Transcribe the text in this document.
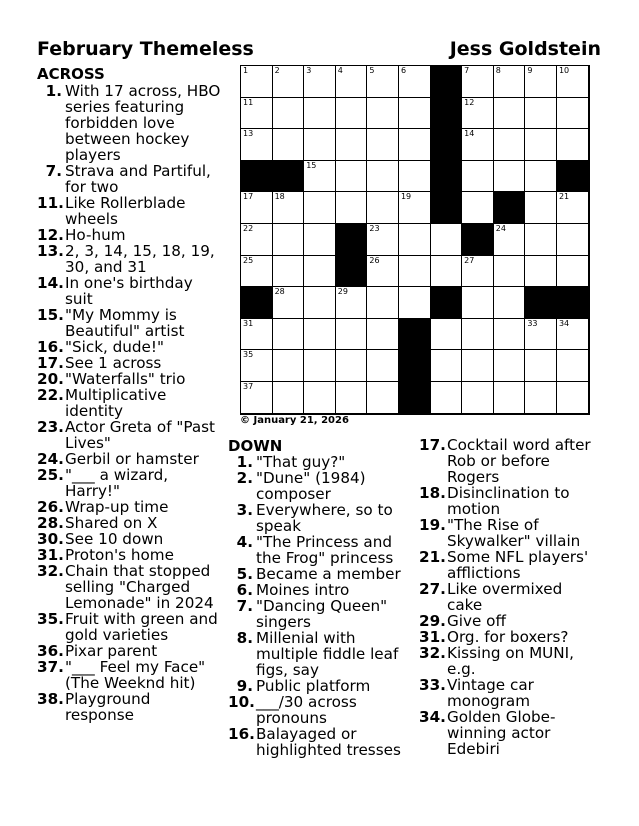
February Themeless	Jess Goldstein
ACROSS
1. With 17 across, HBO series featuring forbidden love between hockey players
7. Strava and Partiful, for two
11. Like Rollerblade wheels
12. Ho-hum
13. 2, 3, 14, 15, 18, 19, 30, and 31
14. In one's birthday suit
15. "My Mommy is Beautiful" artist
16. "Sick, dude!"
17. See 1 across
20. "Waterfalls" trio
22. Multiplicative identity
23. Actor Greta of "Past Lives"
24. Gerbil or hamster
25. "___ a wizard, Harry!"
26. Wrap-up time
28. Shared on X
30. See 10 down
31. Proton's home
32. Chain that stopped selling "Charged Lemonade" in 2024
35. Fruit with green and gold varieties
36. Pixar parent
37. "___ Feel my Face" (The Weeknd hit)
38. Playground response
1	2	3	4	5	6	7	8	9	10
11	12
13	14
15
17	18	19	21
22	23	24
25	26	27
28	29
31	33	34
35
37
© January 21, 2026
DOWN
1. "That guy?"
2. "Dune" (1984) composer
3. Everywhere, so to speak
4. "The Princess and the Frog" princess
5. Became a member
6. Moines intro
7. "Dancing Queen" singers
8. Millenial with multiple fiddle leaf figs, say
9. Public platform
10. ___/30 across pronouns
16. Balayaged or highlighted tresses
17. Cocktail word after Rob or before Rogers
18. Disinclination to motion
19. "The Rise of Skywalker" villain
21. Some NFL players' afflictions
27. Like overmixed cake
29. Give off
31. Org. for boxers?
32. Kissing on MUNI, e.g.
33. Vintage car monogram
34. Golden Globe-winning actor Edebiri
